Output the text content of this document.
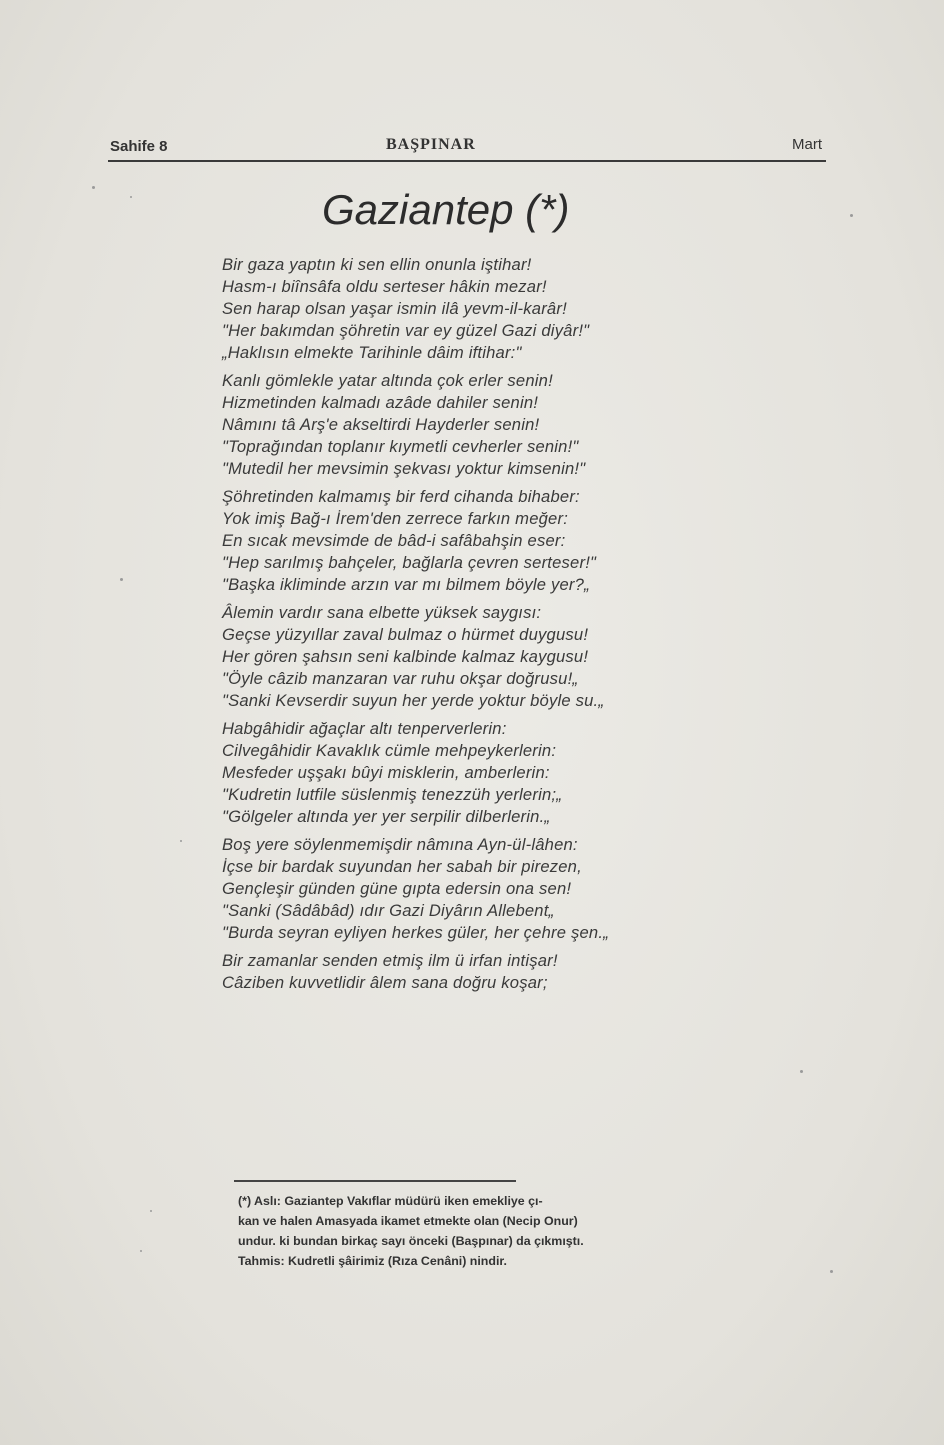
Sahife 8	BAŞPINAR	Mart
Gaziantep (*)
Bir gaza yaptın ki sen ellin onunla iştihar!
Hasm-ı biînsâfa oldu serteser hâkin mezar!
Sen harap olsan yaşar ismin ilâ yevm-il-karâr!
"Her bakımdan şöhretin var ey güzel Gazi diyâr!"
„Haklısın elmekte Tarihinle dâim iftihar:"
Kanlı gömlekle yatar altında çok erler senin!
Hizmetinden kalmadı azâde dahiler senin!
Nâmını tâ Arş'e akseltirdi Hayderler senin!
"Toprağından toplanır kıymetli cevherler senin!"
"Mutedil her mevsimin şekvası yoktur kimsenin!"
Şöhretinden kalmamış bir ferd cihanda bihaber:
Yok imiş Bağ-ı İrem'den zerrece farkın meğer:
En sıcak mevsimde de bâd-i safâbahşin eser:
"Hep sarılmış bahçeler, bağlarla çevren serteser!"
"Başka ikliminde arzın var mı bilmem böyle yer?„
Âlemin vardır sana elbette yüksek saygısı:
Geçse yüzyıllar zaval bulmaz o hürmet duygusu!
Her gören şahsın seni kalbinde kalmaz kaygusu!
"Öyle câzib manzaran var ruhu okşar doğrusu!„
"Sanki Kevserdir suyun her yerde yoktur böyle su.„
Habgâhidir ağaçlar altı tenperverlerin:
Cilvegâhidir Kavaklık cümle mehpeykerlerin:
Mesfeder uşşakı bûyi misklerin, amberlerin:
"Kudretin lutfile süslenmiş tenezzüh yerlerin;„
"Gölgeler altında yer yer serpilir dilberlerin.„
Boş yere söylenmemişdir nâmına Ayn-ül-lâhen:
İçse bir bardak suyundan her sabah bir pirezen,
Gençleşir günden güne gıpta edersin ona sen!
"Sanki (Sâdâbâd) ıdır Gazi Diyârın Allebent„
"Burda seyran eyliyen herkes güler, her çehre şen.„
Bir zamanlar senden etmiş ilm ü irfan intişar!
Câziben kuvvetlidir âlem sana doğru koşar;
(*) Aslı: Gaziantep Vakıflar müdürü iken emekliye çı-
kan ve halen Amasyada ikamet etmekte olan (Necip Onur)
undur. ki bundan birkaç sayı önceki (Başpınar) da çıkmıştı.
Tahmis: Kudretli şâirimiz (Rıza Cenâni) nindir.
